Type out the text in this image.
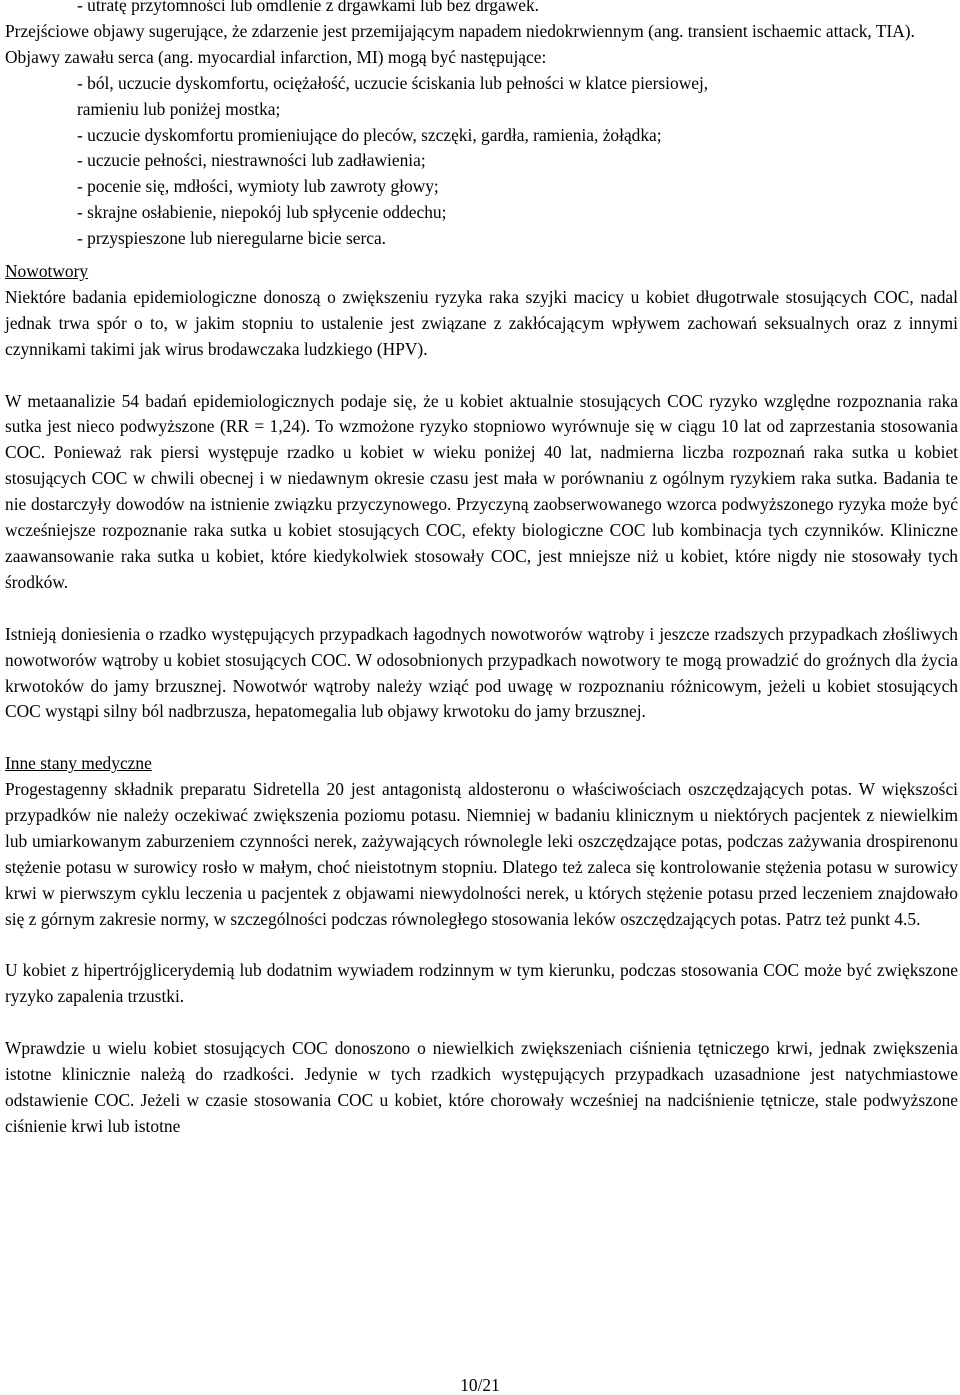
- utratę przytomności lub omdlenie z drgawkami lub bez drgawek.

Przejściowe objawy sugerujące, że zdarzenie jest przemijającym napadem niedokrwiennym (ang. transient ischaemic attack, TIA).

Objawy zawału serca (ang. myocardial infarction, MI) mogą być następujące:

- ból, uczucie dyskomfortu, ociężałość, uczucie ściskania lub pełności w klatce piersiowej,

ramieniu lub poniżej mostka;

- uczucie dyskomfortu promieniujące do pleców, szczęki, gardła, ramienia, żołądka;

- uczucie pełności, niestrawności lub zadławienia;

- pocenie się, mdłości, wymioty lub zawroty głowy;

- skrajne osłabienie, niepokój lub spłycenie oddechu;

- przyspieszone lub nieregularne bicie serca.

Nowotwory

Niektóre badania epidemiologiczne donoszą o zwiększeniu ryzyka raka szyjki macicy u kobiet długotrwale stosujących COC, nadal jednak trwa spór o to, w jakim stopniu to ustalenie jest związane z zakłócającym wpływem zachowań seksualnych oraz z innymi czynnikami takimi jak wirus brodawczaka ludzkiego (HPV).

W metaanalizie 54 badań epidemiologicznych podaje się, że u kobiet aktualnie stosujących COC ryzyko względne rozpoznania raka sutka jest nieco podwyższone (RR = 1,24). To wzmożone ryzyko stopniowo wyrównuje się w ciągu 10 lat od zaprzestania stosowania COC. Ponieważ rak piersi występuje rzadko u kobiet w wieku poniżej 40 lat, nadmierna liczba rozpoznań raka sutka u kobiet stosujących COC w chwili obecnej i w niedawnym okresie czasu jest mała w porównaniu z ogólnym ryzykiem raka sutka. Badania te nie dostarczyły dowodów na istnienie związku przyczynowego. Przyczyną zaobserwowanego wzorca podwyższonego ryzyka może być wcześniejsze rozpoznanie raka sutka u kobiet stosujących COC, efekty biologiczne COC lub kombinacja tych czynników. Kliniczne zaawansowanie raka sutka u kobiet, które kiedykolwiek stosowały COC, jest mniejsze niż u kobiet, które nigdy nie stosowały tych środków.

Istnieją doniesienia o rzadko występujących przypadkach łagodnych nowotworów wątroby i jeszcze rzadszych przypadkach złośliwych nowotworów wątroby u kobiet stosujących COC. W odosobnionych przypadkach nowotwory te mogą prowadzić do groźnych dla życia krwotoków do jamy brzusznej. Nowotwór wątroby należy wziąć pod uwagę w rozpoznaniu różnicowym, jeżeli u kobiet stosujących COC wystąpi silny ból nadbrzusza, hepatomegalia lub objawy krwotoku do jamy brzusznej.

Inne stany medyczne

Progestagenny składnik preparatu Sidretella 20 jest antagonistą aldosteronu o właściwościach oszczędzających potas. W większości przypadków nie należy oczekiwać zwiększenia poziomu potasu. Niemniej w badaniu klinicznym u niektórych pacjentek z niewielkim lub umiarkowanym zaburzeniem czynności nerek, zażywających równolegle leki oszczędzające potas, podczas zażywania drospirenonu stężenie potasu w surowicy rosło w małym, choć nieistotnym stopniu. Dlatego też zaleca się kontrolowanie stężenia potasu w surowicy krwi w pierwszym cyklu leczenia u pacjentek z objawami niewydolności nerek, u których stężenie potasu przed leczeniem znajdowało się z górnym zakresie normy, w szczególności podczas równoległego stosowania leków oszczędzających potas. Patrz też punkt 4.5.

U kobiet z hipertrójglicerydemią lub dodatnim wywiadem rodzinnym w tym kierunku, podczas stosowania COC może być zwiększone ryzyko zapalenia trzustki.

Wprawdzie u wielu kobiet stosujących COC donoszono o niewielkich zwiększeniach ciśnienia tętniczego krwi, jednak zwiększenia istotne klinicznie należą do rzadkości. Jedynie w tych rzadkich występujących przypadkach uzasadnione jest natychmiastowe odstawienie COC. Jeżeli w czasie stosowania COC u kobiet, które chorowały wcześniej na nadciśnienie tętnicze, stale podwyższone ciśnienie krwi lub istotne

10/21
